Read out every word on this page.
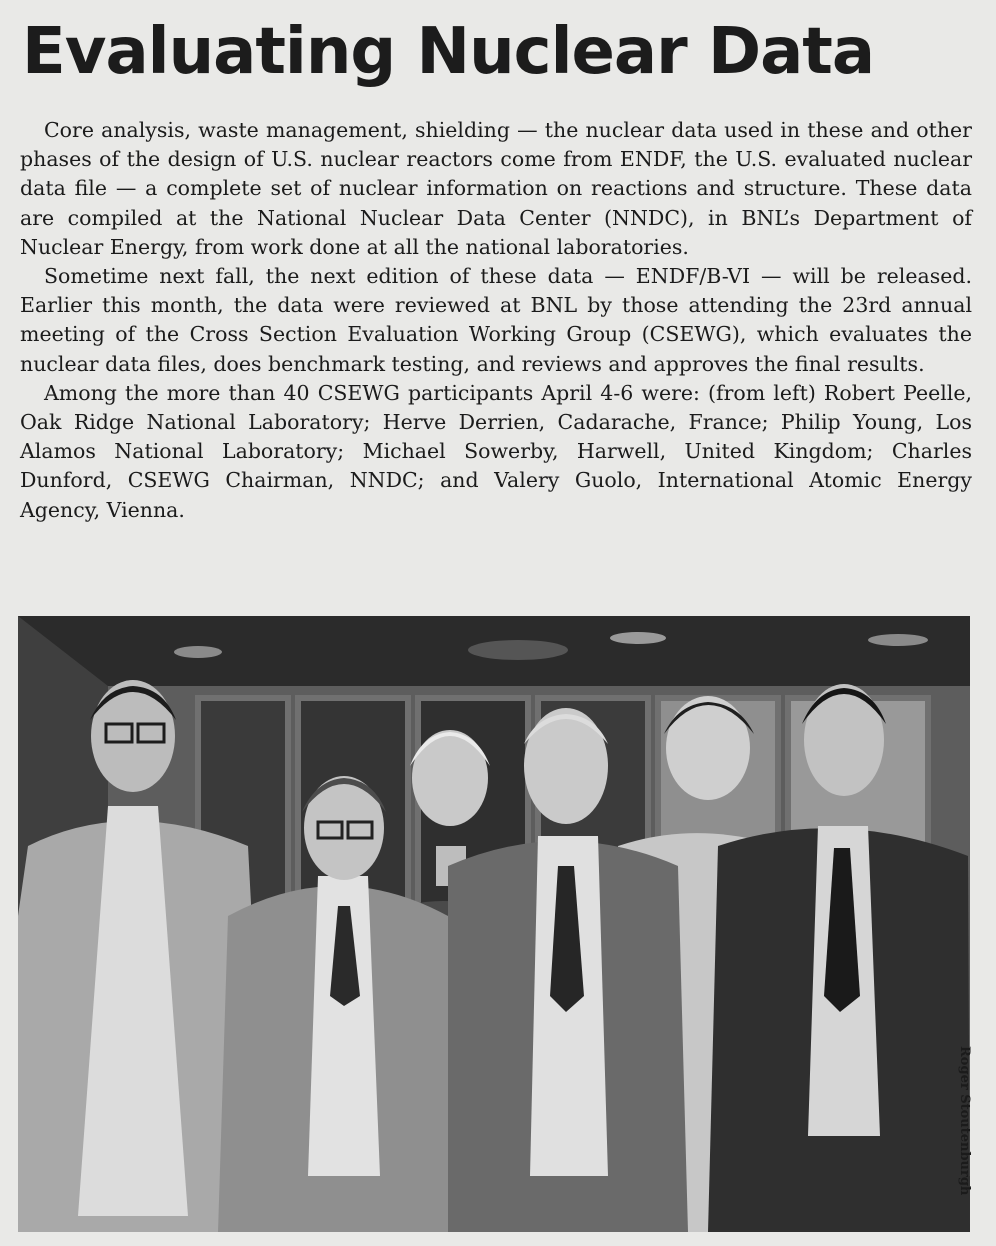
Evaluating Nuclear Data

Core analysis, waste management, shielding — the nuclear data used in these and other phases of the design of U.S. nuclear reactors come from ENDF, the U.S. evaluated nuclear data file — a complete set of nuclear information on reactions and structure. These data are compiled at the National Nuclear Data Center (NNDC), in BNL’s Department of Nuclear Energy, from work done at all the national laboratories.

Sometime next fall, the next edition of these data — ENDF/B-VI — will be released. Earlier this month, the data were reviewed at BNL by those attending the 23rd annual meeting of the Cross Section Evaluation Working Group (CSEWG), which evaluates the nuclear data files, does benchmark testing, and reviews and approves the final results.

Among the more than 40 CSEWG participants April 4-6 were: (from left) Robert Peelle, Oak Ridge National Laboratory; Herve Derrien, Cadarache, France; Philip Young, Los Alamos National Laboratory; Michael Sowerby, Harwell, United Kingdom; Charles Dunford, CSEWG Chairman, NNDC; and Valery Guolo, International Atomic Energy Agency, Vienna.

Roger Stoutenburgh
